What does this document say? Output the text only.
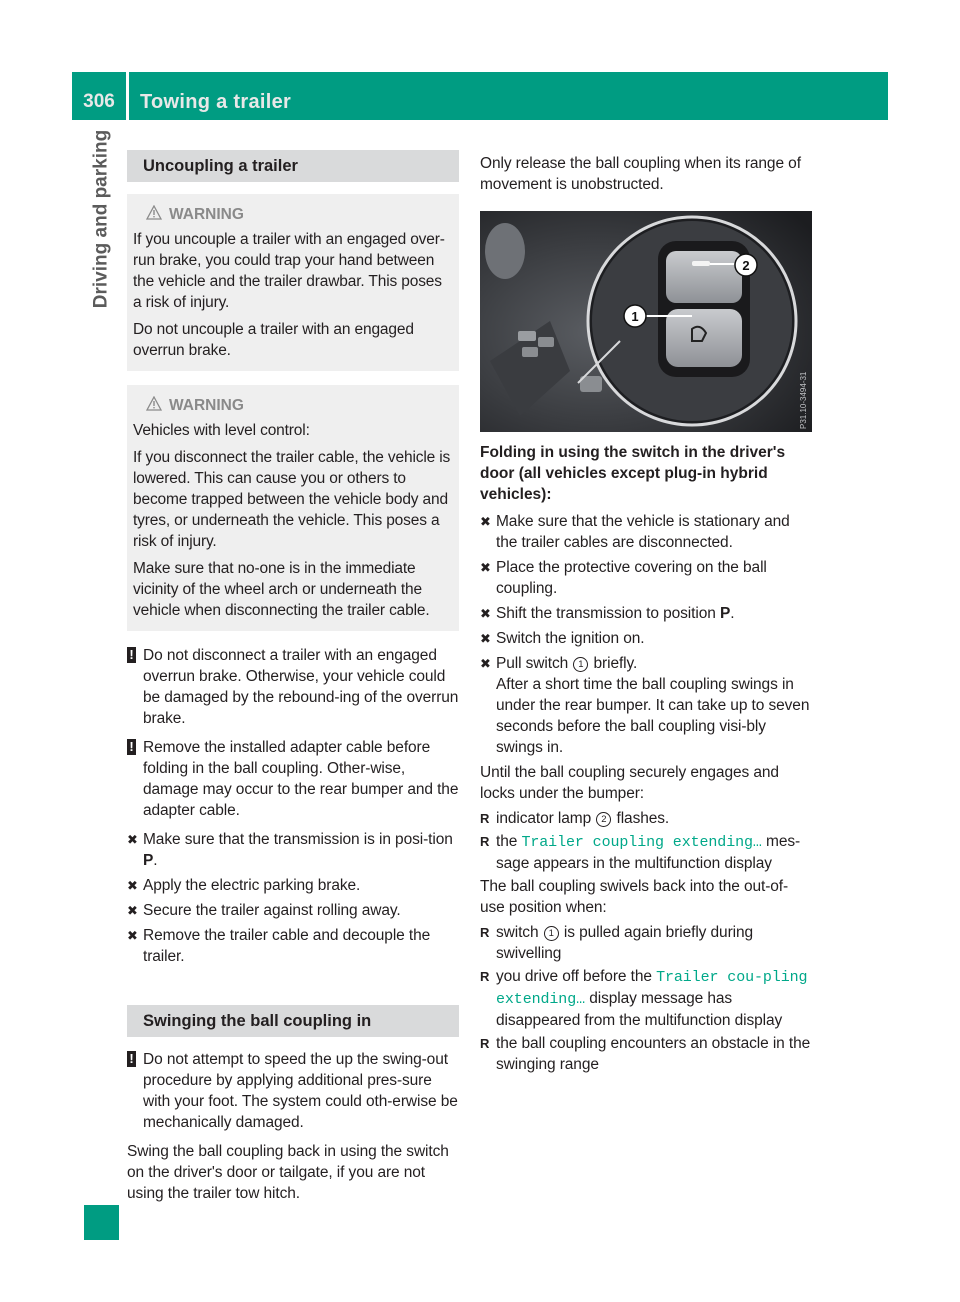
306	Towing a trailer
Driving and parking	Uncoupling a trailer
WARNING

If you uncouple a trailer with an engaged over-run brake, you could trap your hand between the vehicle and the trailer drawbar. This poses a risk of injury.

Do not uncouple a trailer with an engaged overrun brake.

WARNING

Vehicles with level control:

If you disconnect the trailer cable, the vehicle is lowered. This can cause you or others to become trapped between the vehicle body and tyres, or underneath the vehicle. This poses a risk of injury.

Make sure that no-one is in the immediate vicinity of the wheel arch or underneath the vehicle when disconnecting the trailer cable.

! Do not disconnect a trailer with an engaged overrun brake. Otherwise, your vehicle could be damaged by the rebound-ing of the overrun brake.

! Remove the installed adapter cable before folding in the ball coupling. Other-wise, damage may occur to the rear bumper and the adapter cable.

✖ Make sure that the transmission is in posi-tion P.

✖ Apply the electric parking brake.

✖ Secure the trailer against rolling away.

✖ Remove the trailer cable and decouple the trailer.

Swinging the ball coupling in

! Do not attempt to speed the up the swing-out procedure by applying additional pres-sure with your foot. The system could oth-erwise be mechanically damaged.

Swing the ball coupling back in using the switch on the driver's door or tailgate, if you are not using the trailer tow hitch.

Only release the ball coupling when its range of movement is unobstructed.

2
1
P31.10-3494-31

Folding in using the switch in the driver's door (all vehicles except plug-in hybrid vehicles):

✖ Make sure that the vehicle is stationary and the trailer cables are disconnected.

✖ Place the protective covering on the ball coupling.

✖ Shift the transmission to position P.

✖ Switch the ignition on.

✖ Pull switch 1 briefly.
After a short time the ball coupling swings in under the rear bumper. It can take up to seven seconds before the ball coupling visi-bly swings in.

Until the ball coupling securely engages and locks under the bumper:

R indicator lamp 2 flashes.

R the Trailer coupling extending… mes-sage appears in the multifunction display

The ball coupling swivels back into the out-of-use position when:

R switch 1 is pulled again briefly during swivelling

R you drive off before the Trailer cou‐pling extending… display message has disappeared from the multifunction display

R the ball coupling encounters an obstacle in the swinging range
